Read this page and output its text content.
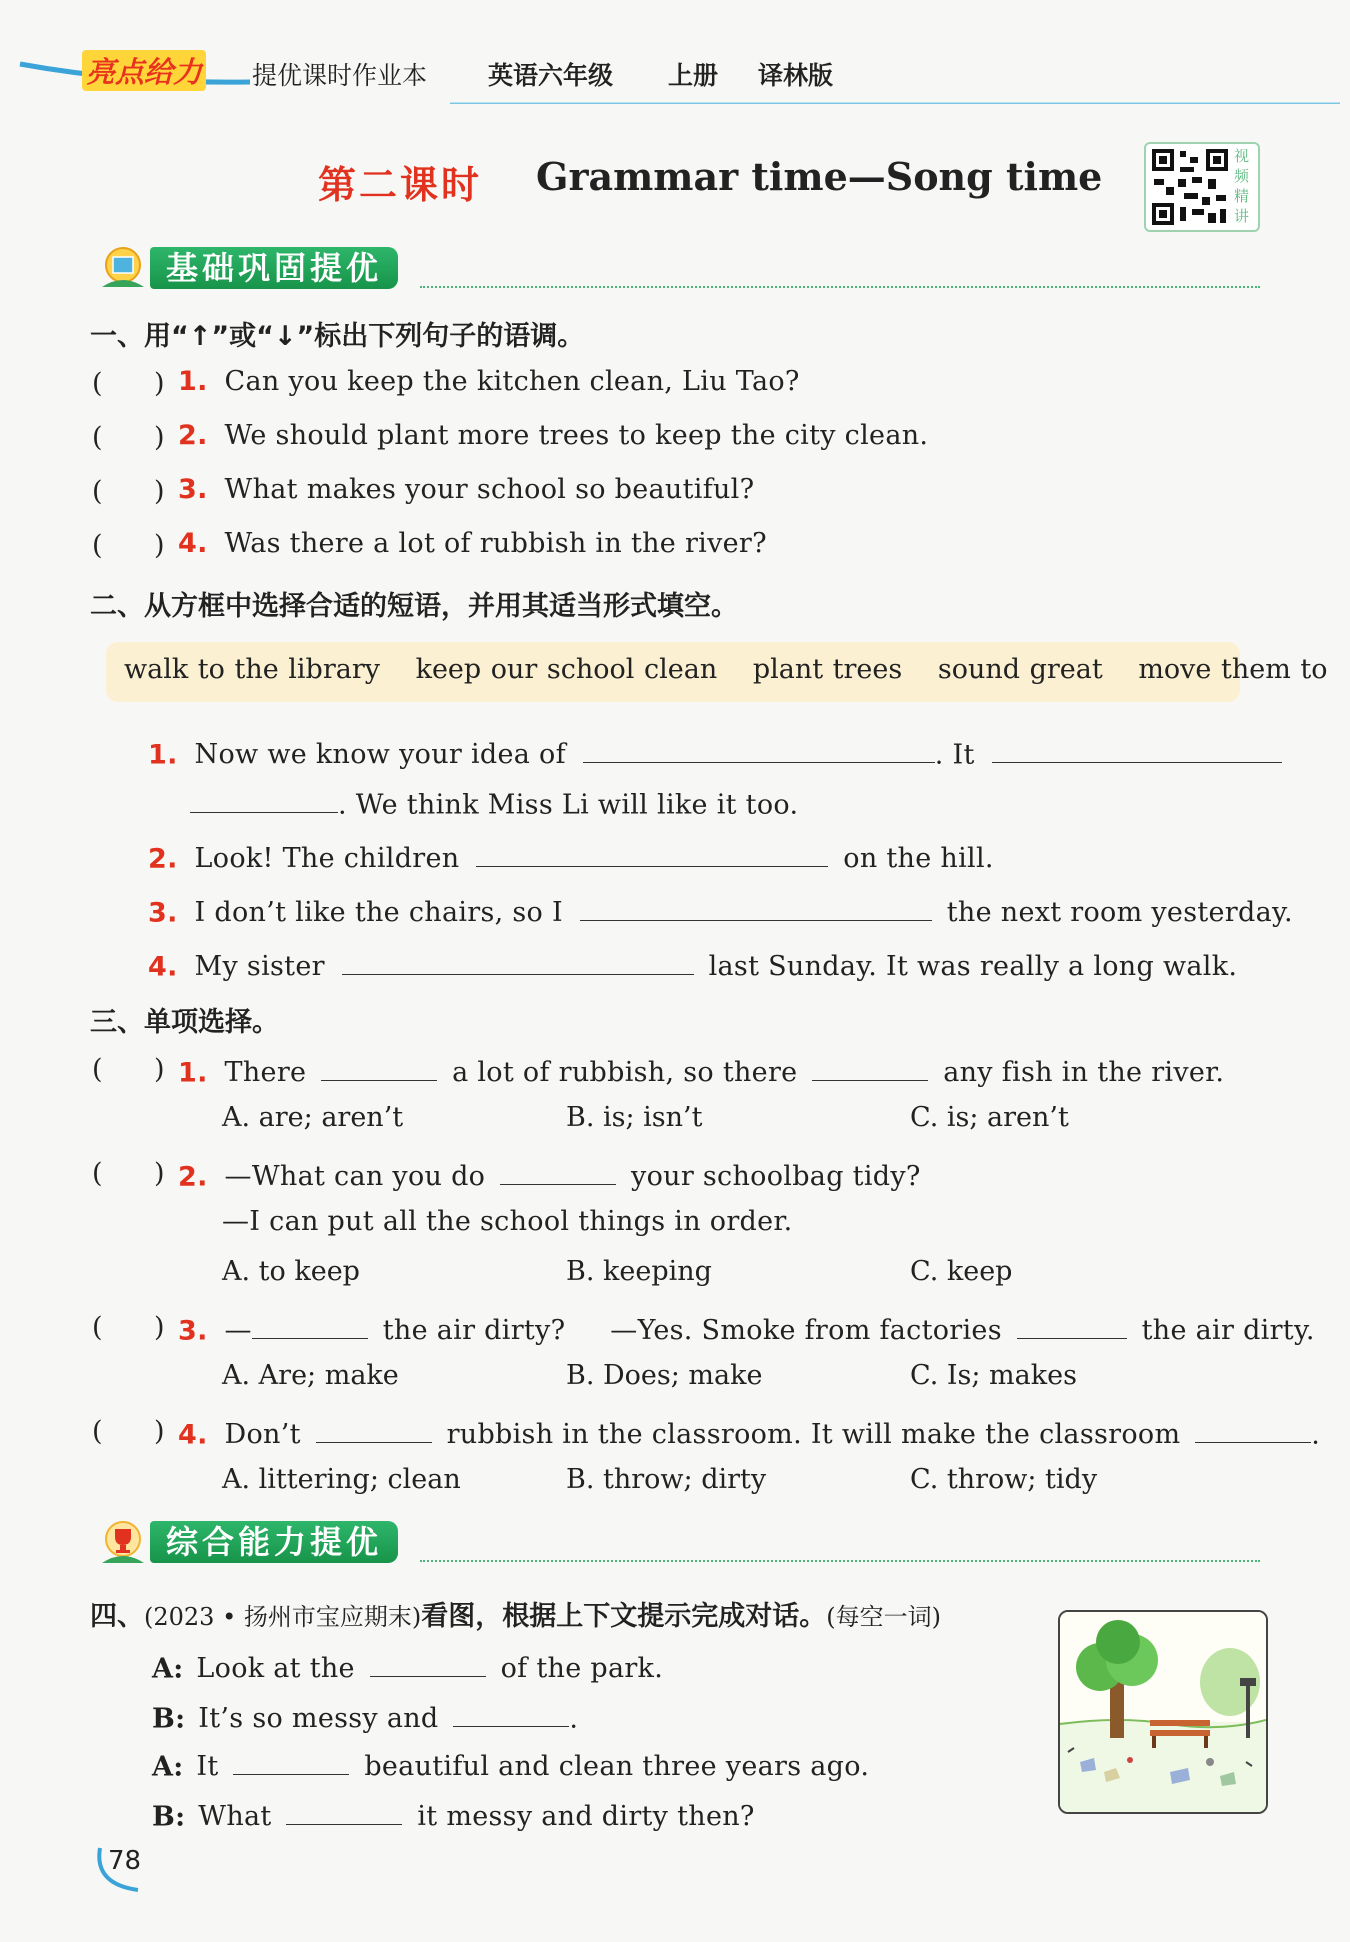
亮点给力 提优课时作业本 英语六年级 上册 译林版
第二课时 Grammar time—Song time	视频精讲
基础巩固提优
一、用“↑”或“↓”标出下列句子的语调。
(      ) 1. Can you keep the kitchen clean, Liu Tao?
(      ) 2. We should plant more trees to keep the city clean.
(      ) 3. What makes your school so beautiful?
(      ) 4. Was there a lot of rubbish in the river?
二、从方框中选择合适的短语，并用其适当形式填空。
walk to the library keep our school clean plant trees sound great move them to
1. Now we know your idea of	. It
. We think Miss Li will like it too.
2. Look! The children	on the hill.
3. I don’t like the chairs, so I	the next room yesterday.
4. My sister	last Sunday. It was really a long walk.
三、单项选择。
(      ) 1. There	a lot of rubbish, so there	any fish in the river.
A. are; aren’t	B. is; isn’t	C. is; aren’t
(      ) 2. —What can you do	your schoolbag tidy?
—I can put all the school things in order.
A. to keep	B. keeping	C. keep
(      ) 3. —	the air dirty? —Yes. Smoke from factories	the air dirty.
A. Are; make	B. Does; make	C. Is; makes
(      ) 4. Don’t	rubbish in the classroom. It will make the classroom	.
A. littering; clean	B. throw; dirty	C. throw; tidy
综合能力提优
四、(2023 • 扬州市宝应期末)看图，根据上下文提示完成对话。(每空一词)
A: Look at the	of the park.
B: It’s so messy and	.
A: It	beautiful and clean three years ago.
B: What	it messy and dirty then?
78
